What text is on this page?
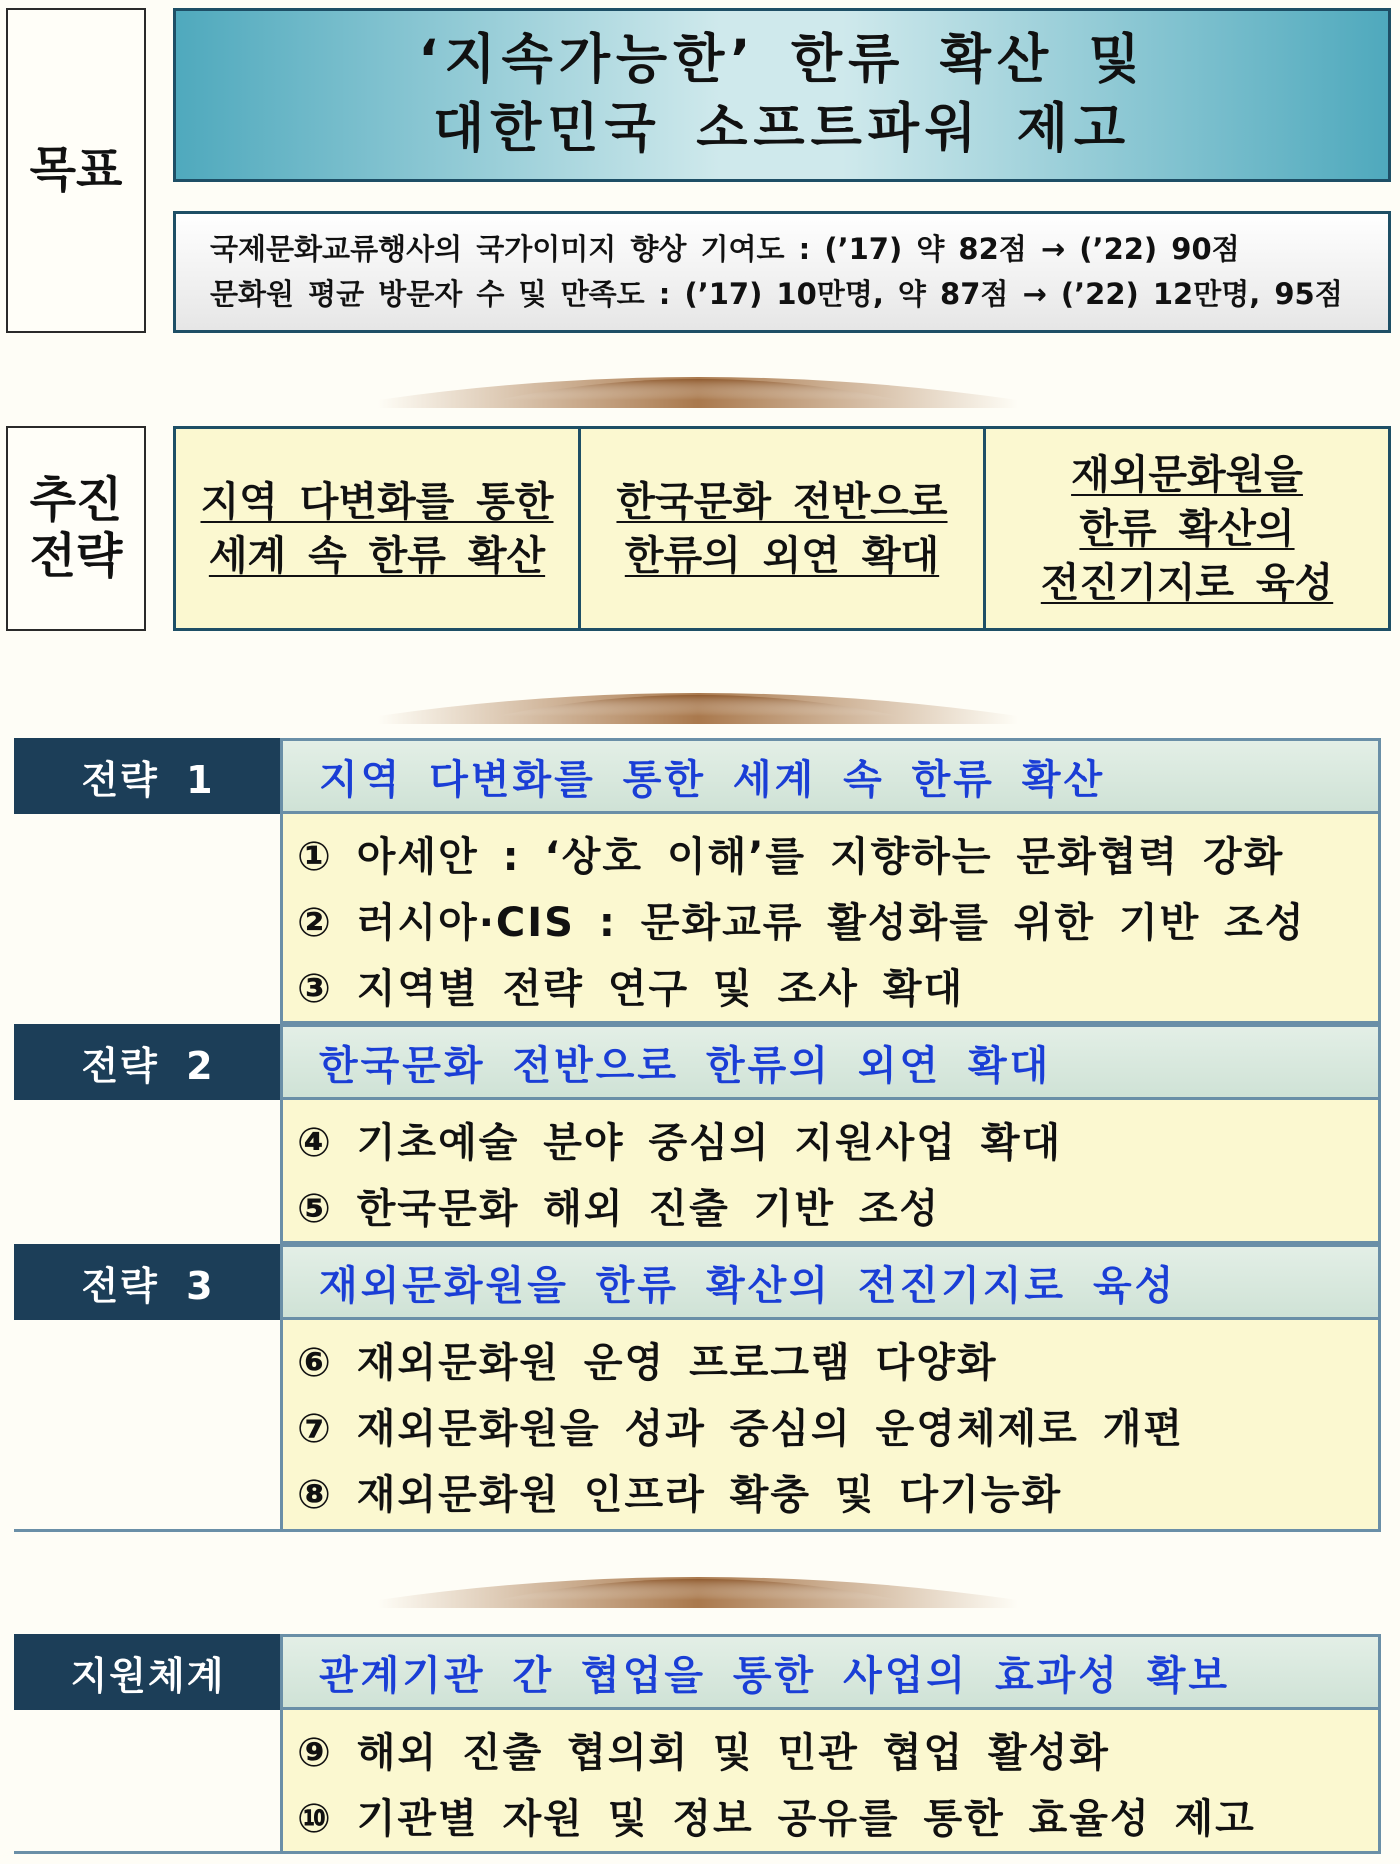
목표
‘지속가능한’ 한류 확산 및
대한민국 소프트파워 제고
국제문화교류행사의 국가이미지 향상 기여도 : (’17) 약 82점 → (’22) 90점
문화원 평균 방문자 수 및 만족도 : (’17) 10만명, 약 87점 → (’22) 12만명, 95점
추진
전략
지역 다변화를 통한
세계 속 한류 확산
한국문화 전반으로
한류의 외연 확대
재외문화원을
한류 확산의
전진기지로 육성
전략 1	지역 다변화를 통한 세계 속 한류 확산
① 아세안 : ‘상호 이해’를 지향하는 문화협력 강화
② 러시아·CIS : 문화교류 활성화를 위한 기반 조성
③ 지역별 전략 연구 및 조사 확대
전략 2	한국문화 전반으로 한류의 외연 확대
④ 기초예술 분야 중심의 지원사업 확대
⑤ 한국문화 해외 진출 기반 조성
전략 3	재외문화원을 한류 확산의 전진기지로 육성
⑥ 재외문화원 운영 프로그램 다양화
⑦ 재외문화원을 성과 중심의 운영체제로 개편
⑧ 재외문화원 인프라 확충 및 다기능화
지원체계 관계기관 간 협업을 통한 사업의 효과성 확보
⑨ 해외 진출 협의회 및 민관 협업 활성화
⑩ 기관별 자원 및 정보 공유를 통한 효율성 제고
